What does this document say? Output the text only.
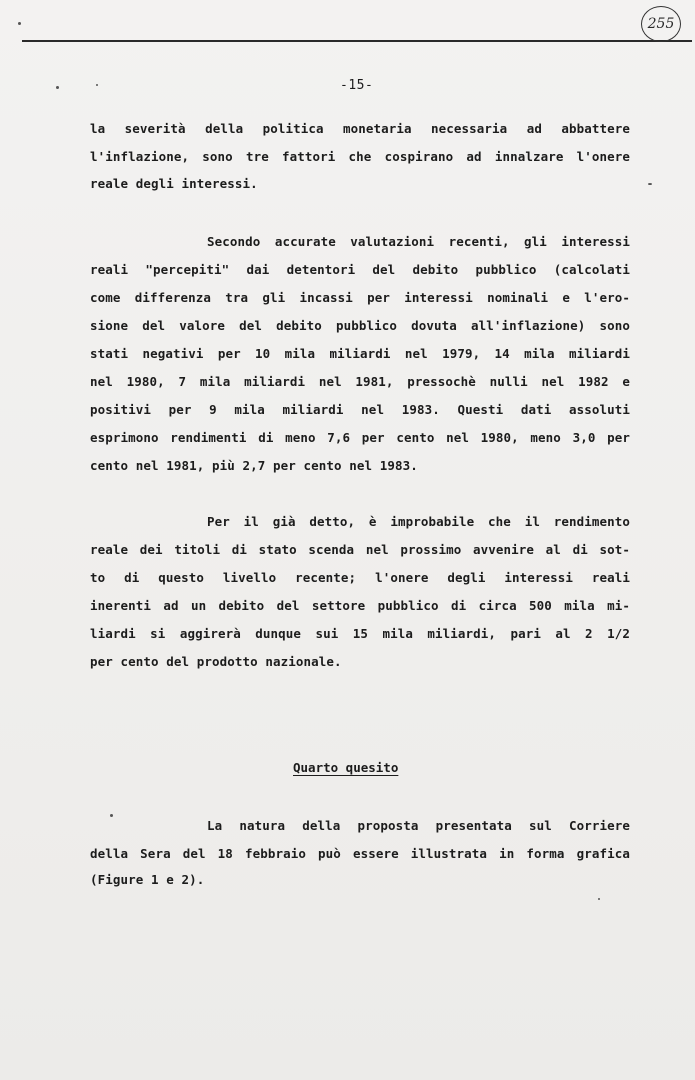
255
-15-
la severità della politica monetaria necessaria ad abbattere
l'inflazione, sono tre fattori che cospirano ad innalzare l'onere
reale degli interessi.
Secondo accurate valutazioni recenti, gli interessi
reali "percepiti" dai detentori del debito pubblico (calcolati
come differenza tra gli incassi per interessi nominali e l'ero-
sione del valore del debito pubblico dovuta all'inflazione) sono
stati negativi per 10 mila miliardi nel 1979, 14 mila miliardi
nel 1980, 7 mila miliardi nel 1981, pressochè nulli nel 1982 e
positivi per 9 mila miliardi nel 1983. Questi dati assoluti
esprimono rendimenti di meno 7,6 per cento nel 1980, meno 3,0 per
cento nel 1981, più 2,7 per cento nel 1983.
Per il già detto, è improbabile che il rendimento
reale dei titoli di stato scenda nel prossimo avvenire al di sot-
to di questo livello recente; l'onere degli interessi reali
inerenti ad un debito del settore pubblico di circa 500 mila mi-
liardi si aggirerà dunque sui 15 mila miliardi, pari al 2 1/2
per cento del prodotto nazionale.
Quarto quesito
La natura della proposta presentata sul Corriere
della Sera del 18 febbraio può essere illustrata in forma grafica
(Figure 1 e 2).
